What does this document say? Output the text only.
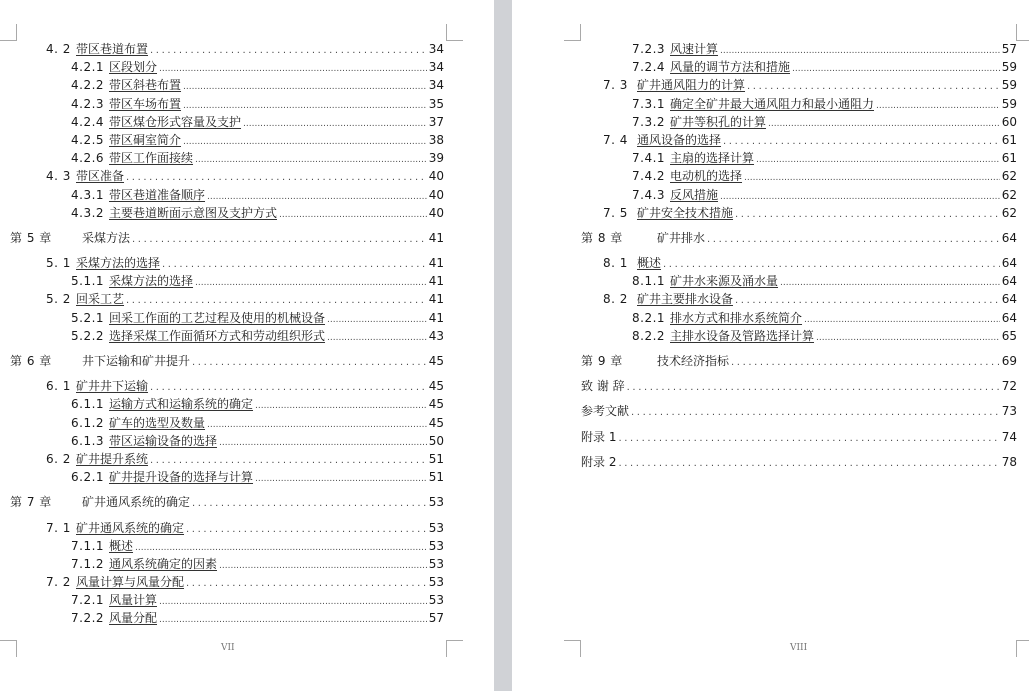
4. 2 带区巷道布置 .....	34
4.2.1 区段划分 .....	34
4.2.2 带区斜巷布置 .....	34
4.2.3 带区车场布置 .....	35
4.2.4 带区煤仓形式容量及支护 .....	37
4.2.5 带区硐室简介 .....	38
4.2.6 带区工作面接续 .....	39
4. 3 带区准备 .....	40
4.3.1 带区巷道准备顺序 .....	40
4.3.2 主要巷道断面示意图及支护方式 .....	40
第 5 章	采煤方法 .....	41
5. 1 采煤方法的选择 .....	41
5.1.1 采煤方法的选择 .....	41
5. 2 回采工艺 .....	41
5.2.1 回采工作面的工艺过程及使用的机械设备 .....	41
5.2.2 选择采煤工作面循环方式和劳动组织形式 .....	43
第 6 章	井下运输和矿井提升 .....	45
6. 1 矿井井下运输 .....	45
6.1.1 运输方式和运输系统的确定 .....	45
6.1.2 矿车的选型及数量 .....	45
6.1.3 带区运输设备的选择 .....	50
6. 2 矿井提升系统 .....	51
6.2.1 矿井提升设备的选择与计算 .....	51
第 7 章	矿井通风系统的确定 .....	53
7. 1 矿井通风系统的确定 .....	53
7.1.1 概述 .....	53
7.1.2 通风系统确定的因素 .....	53
7. 2 风量计算与风量分配 .....	53
7.2.1 风量计算 .....	53
7.2.2 风量分配 .....	57
VII
7.2.3 风速计算 .....	57
7.2.4 风量的调节方法和措施 .....	59
7. 3 矿井通风阻力的计算 .....	59
7.3.1 确定全矿井最大通风阻力和最小通阻力 .....	59
7.3.2 矿井等积孔的计算 .....	60
7. 4 通风设备的选择 .....	61
7.4.1 主扇的选择计算 .....	61
7.4.2 电动机的选择 .....	62
7.4.3 反风措施 .....	62
7. 5 矿井安全技术措施 .....	62
第 8 章	矿井排水 .....	64
8. 1 概述 .....	64
8.1.1 矿井水来源及涌水量 .....	64
8. 2 矿井主要排水设备 .....	64
8.2.1 排水方式和排水系统简介 .....	64
8.2.2 主排水设备及管路选择计算 .....	65
第 9 章	技术经济指标 .....	69
致 谢 辞 .....	72
参考文献 .....	73
附录 1 .....	74
附录 2 .....	78
VIII
